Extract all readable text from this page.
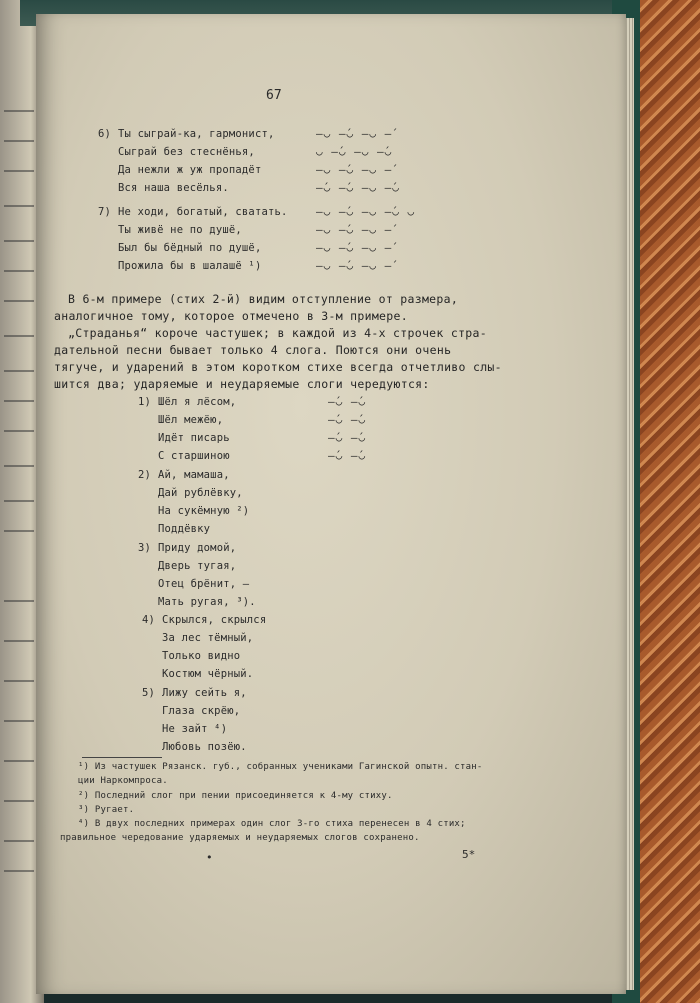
67
6) Ты сыграй-ка, гармонист,
Сыграй без стеснёнья,
Да нежли ж уж пропадёт
Вся наша весёлья.
—◡ —́◡ —◡ —́
◡ —́◡ —◡ —́◡
—◡ —́◡ —◡ —́
—́◡ —́◡ —◡ —́◡
7) Не ходи, богатый, сватать.
Ты живё не по душё,
Был бы бёдный по душё,
Прожила бы в шалашё ¹)
—◡ —́◡ —◡ —́◡ ◡
—◡ —́◡ —◡ —́
—◡ —́◡ —◡ —́
—◡ —́◡ —◡ —́
В 6-м примере (стих 2-й) видим отступление от размера,
аналогичное тому, которое отмечено в 3-м примере.
„Страданья“ короче частушек; в каждой из 4-х строчек стра-
дательной песни бывает только 4 слога. Поются они очень
тягуче, и ударений в этом коротком стихе всегда отчетливо слы-
шится два; ударяемые и неударяемые слоги чередуются:
1) Шёл я лёсом,
Шёл межёю,
Идёт писарь
С старшиною
—́◡ —́◡
—́◡ —́◡
—́◡ —́◡
—́◡ —́◡
2) Ай, мамаша,
Дай рублёвку,
На сукёмную ²)
Поддёвку
3) Приду домой,
Дверь тугая,
Отец брёнит, —
Мать ругая, ³).
4) Скрылся, скрылся
За лес тёмный,
Только видно
Костюм чёрный.
5) Лижу сейть я,
Глаза скрёю,
Не зайт ⁴)
Любовь позёю.
¹) Из частушек Рязанск. губ., собранных учениками Гагинской опытн. стан-
ции Наркомпроса.
²) Последний слог при пении присоединяется к 4-му стиху.
³) Ругает.
⁴) В двух последних примерах один слог 3-го стиха перенесен в 4 стих;
правильное чередование ударяемых и неударяемых слогов сохранено.
•	5*
